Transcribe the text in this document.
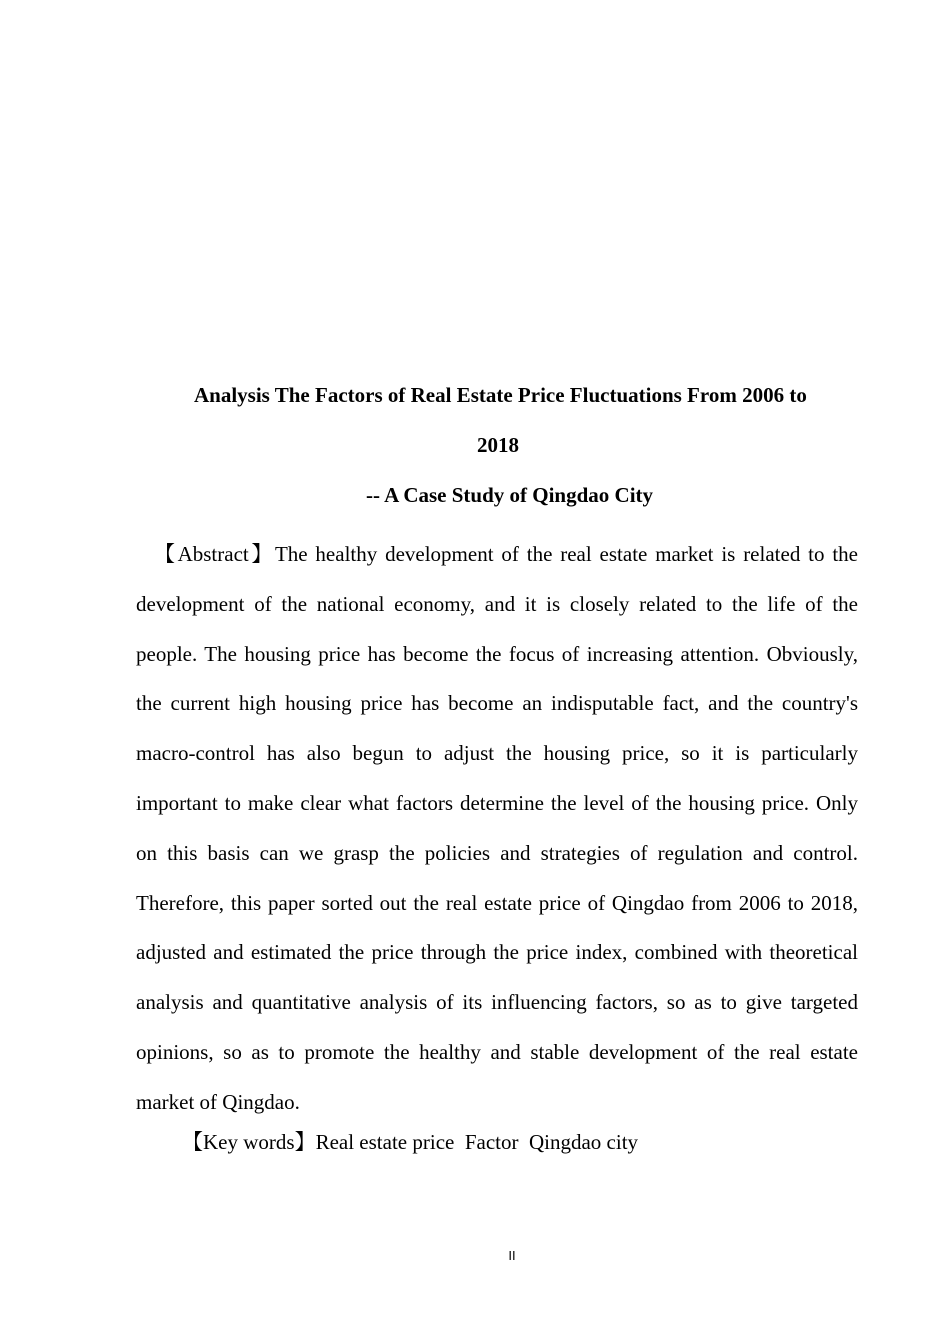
Analysis The Factors of Real Estate Price Fluctuations From 2006 to
2018
-- A Case Study of Qingdao City

【Abstract】The healthy development of the real estate market is related to the development of the national economy, and it is closely related to the life of the people. The housing price has become the focus of increasing attention. Obviously, the current high housing price has become an indisputable fact, and the country's macro-control has also begun to adjust the housing price, so it is particularly important to make clear what factors determine the level of the housing price. Only on this basis can we grasp the policies and strategies of regulation and control. Therefore, this paper sorted out the real estate price of Qingdao from 2006 to 2018, adjusted and estimated the price through the price index, combined with theoretical analysis and quantitative analysis of its influencing factors, so as to give targeted opinions, so as to promote the healthy and stable development of the real estate market of Qingdao.

【Key words】Real estate price  Factor  Qingdao city
II
